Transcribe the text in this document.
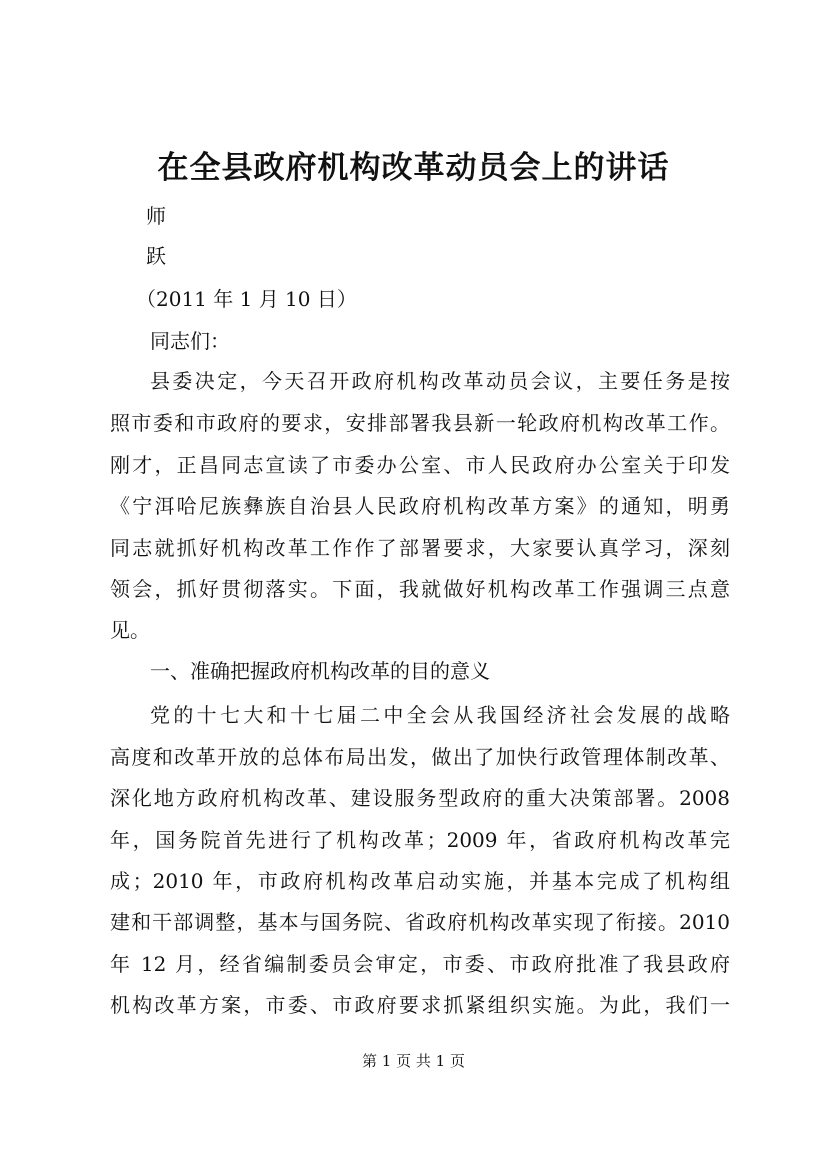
在全县政府机构改革动员会上的讲话
师
跃
（2011 年 1 月 10 日）
同志们：
县委决定，今天召开政府机构改革动员会议，主要任务是按
照市委和市政府的要求，安排部署我县新一轮政府机构改革工作。
刚才，正昌同志宣读了市委办公室、市人民政府办公室关于印发
《宁洱哈尼族彝族自治县人民政府机构改革方案》的通知，明勇
同志就抓好机构改革工作作了部署要求，大家要认真学习，深刻
领会，抓好贯彻落实。下面，我就做好机构改革工作强调三点意
见。
一、准确把握政府机构改革的目的意义
党的十七大和十七届二中全会从我国经济社会发展的战略
高度和改革开放的总体布局出发，做出了加快行政管理体制改革、
深化地方政府机构改革、建设服务型政府的重大决策部署。2008
年，国务院首先进行了机构改革；2009 年，省政府机构改革完
成；2010 年，市政府机构改革启动实施，并基本完成了机构组
建和干部调整，基本与国务院、省政府机构改革实现了衔接。2010
年 12 月，经省编制委员会审定，市委、市政府批准了我县政府
机构改革方案，市委、市政府要求抓紧组织实施。为此，我们一
第 1 页 共 1 页
